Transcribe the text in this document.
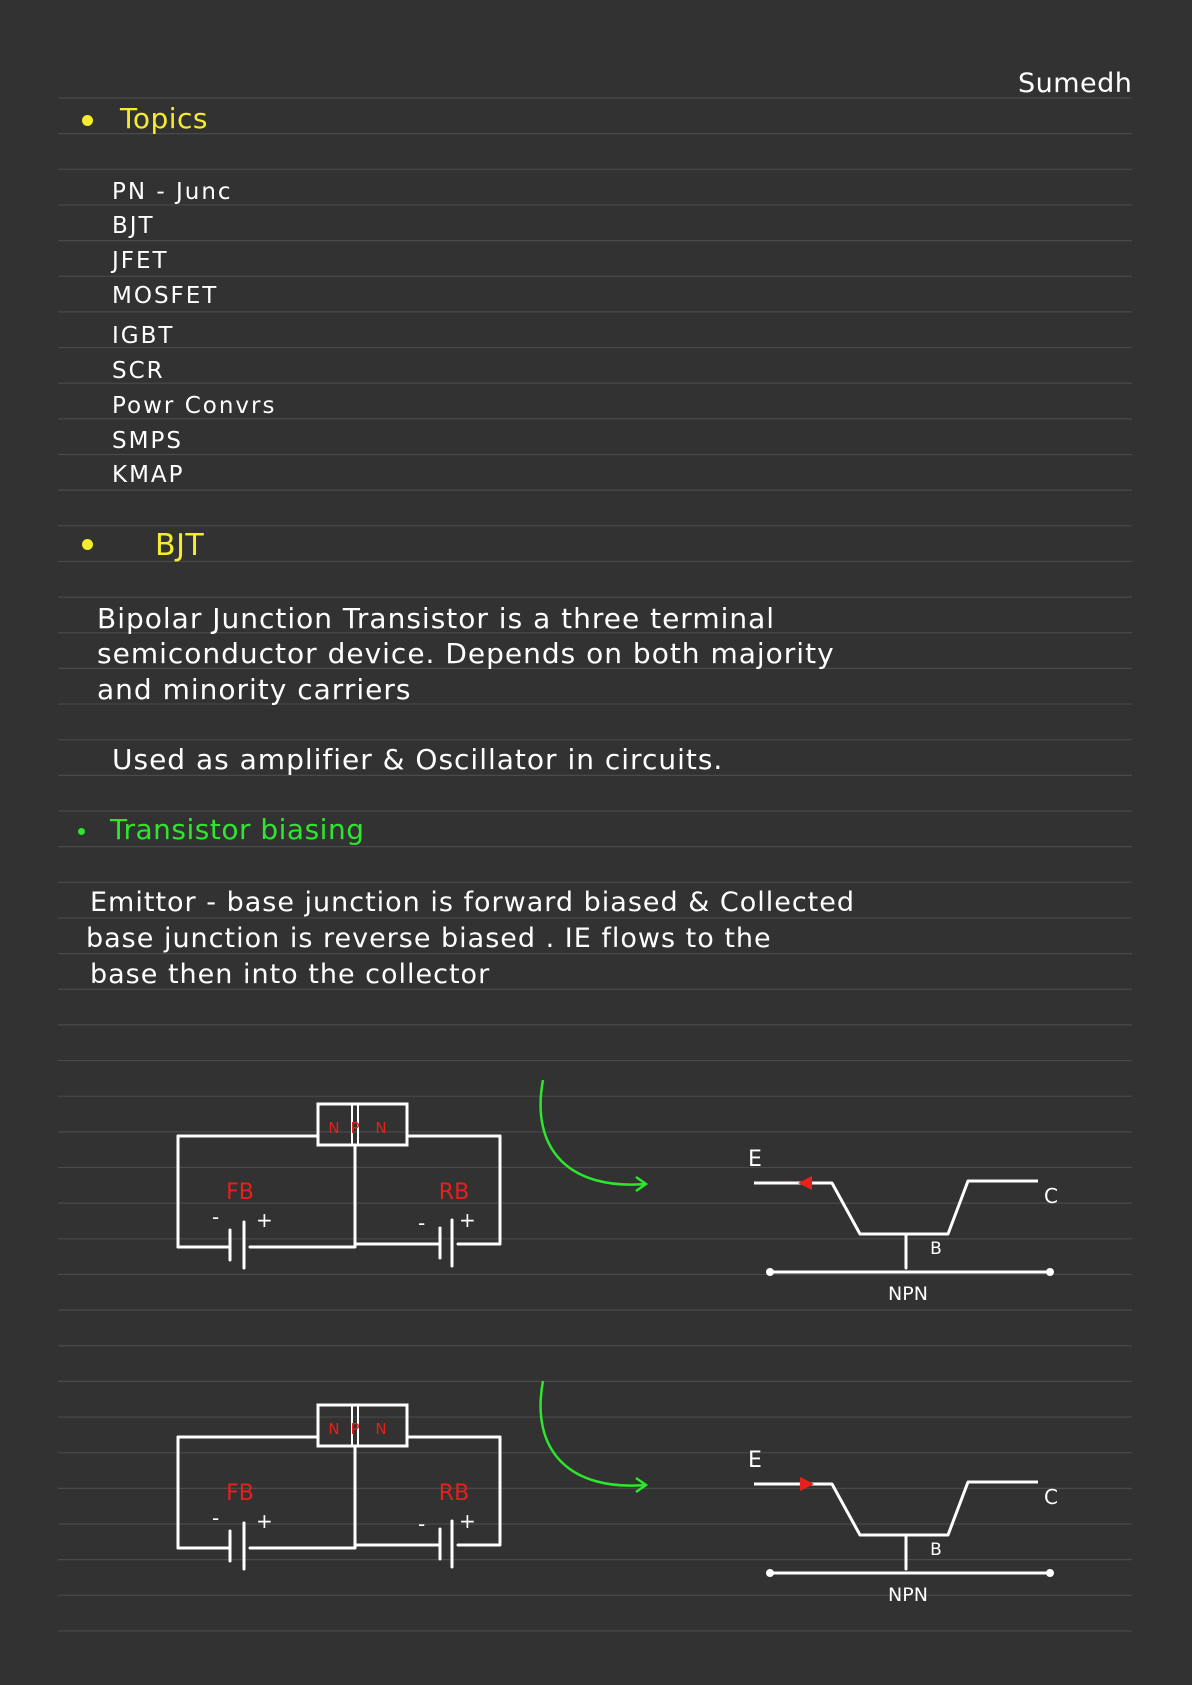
Sumedh
Topics
PN - Junc
BJT
JFET
MOSFET
IGBT
SCR
Powr Convrs
SMPS
KMAP
BJT
Bipolar Junction Transistor is a three terminal
semiconductor device. Depends on both majority
and minority carriers
Used as amplifier & Oscillator in circuits.
Transistor biasing
Emittor - base junction is forward biased & Collected
base junction is reverse biased . IE flows to the
base then into the collector
N P N
- +
FB
- +
RB
E
C
B
NPN
N P N
- +
FB
- +
RB
E
C
B
NPN
